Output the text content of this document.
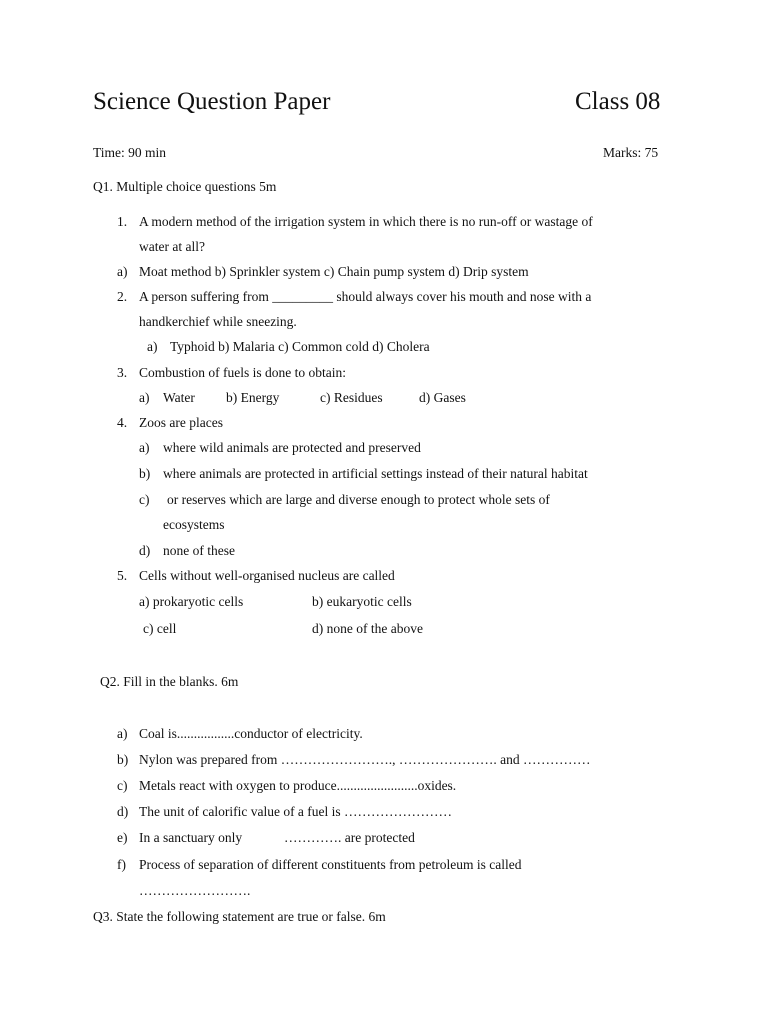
Science Question Paper	Class 08
Time: 90 min	Marks: 75
Q1. Multiple choice questions 5m
1. A modern method of the irrigation system in which there is no run-off or wastage of
water at all?
a) Moat method b) Sprinkler system c) Chain pump system d) Drip system
2. A person suffering from _________ should always cover his mouth and nose with a
handkerchief while sneezing.
a) Typhoid b) Malaria c) Common cold d) Cholera
3. Combustion of fuels is done to obtain:
a) Water b) Energy	c) Residues	d) Gases
4. Zoos are places
a) where wild animals are protected and preserved
b) where animals are protected in artificial settings instead of their natural habitat
c) or reserves which are large and diverse enough to protect whole sets of
ecosystems
d) none of these
5. Cells without well-organised nucleus are called
a) prokaryotic cells	b) eukaryotic cells
c) cell	d) none of the above
Q2. Fill in the blanks. 6m
a) Coal is.................conductor of electricity.
b) Nylon was prepared from ……………………., …………………. and ……………
c) Metals react with oxygen to produce........................oxides.
d) The unit of calorific value of a fuel is ……………………
e) In a sanctuary only	…………. are protected
f) Process of separation of different constituents from petroleum is called
…………………….
Q3. State the following statement are true or false. 6m
